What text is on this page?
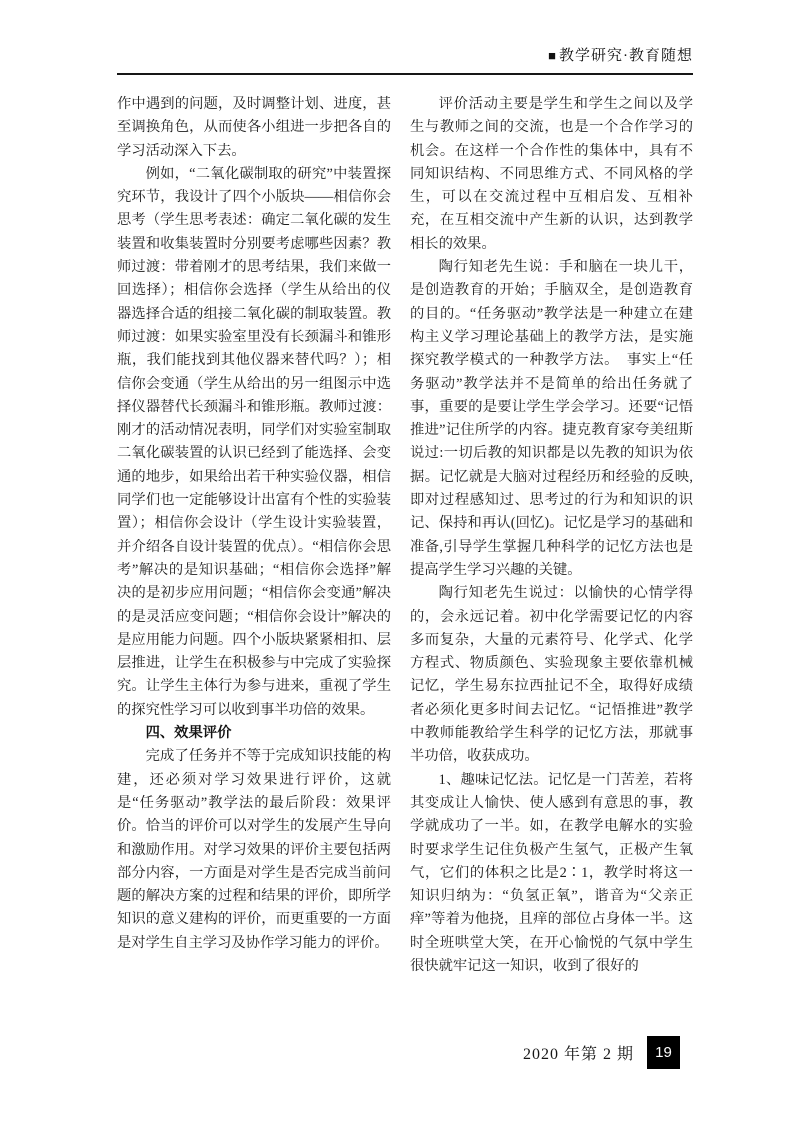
■ 教学研究·教育随想

作中遇到的问题，及时调整计划、进度，甚至调换角色，从而使各小组进一步把各自的学习活动深入下去。

例如，“二氧化碳制取的研究”中装置探究环节，我设计了四个小版块——相信你会思考（学生思考表述：确定二氧化碳的发生装置和收集装置时分别要考虑哪些因素？教师过渡：带着刚才的思考结果，我们来做一回选择）；相信你会选择（学生从给出的仪器选择合适的组接二氧化碳的制取装置。教师过渡：如果实验室里没有长颈漏斗和锥形瓶，我们能找到其他仪器来替代吗？）；相信你会变通（学生从给出的另一组图示中选择仪器替代长颈漏斗和锥形瓶。教师过渡：刚才的活动情况表明，同学们对实验室制取二氧化碳装置的认识已经到了能选择、会变通的地步，如果给出若干种实验仪器，相信同学们也一定能够设计出富有个性的实验装置）；相信你会设计（学生设计实验装置，并介绍各自设计装置的优点）。“相信你会思考”解决的是知识基础；“相信你会选择”解决的是初步应用问题；“相信你会变通”解决的是灵活应变问题；“相信你会设计”解决的是应用能力问题。四个小版块紧紧相扣、层层推进，让学生在积极参与中完成了实验探究。让学生主体行为参与进来，重视了学生的探究性学习可以收到事半功倍的效果。

四、效果评价

完成了任务并不等于完成知识技能的构建，还必须对学习效果进行评价，这就是“任务驱动”教学法的最后阶段：效果评价。恰当的评价可以对学生的发展产生导向和激励作用。对学习效果的评价主要包括两部分内容，一方面是对学生是否完成当前问题的解决方案的过程和结果的评价，即所学知识的意义建构的评价，而更重要的一方面是对学生自主学习及协作学习能力的评价。

评价活动主要是学生和学生之间以及学生与教师之间的交流，也是一个合作学习的机会。在这样一个合作性的集体中，具有不同知识结构、不同思维方式、不同风格的学生，可以在交流过程中互相启发、互相补充，在互相交流中产生新的认识，达到教学相长的效果。

陶行知老先生说：手和脑在一块儿干，是创造教育的开始；手脑双全，是创造教育的目的。“任务驱动”教学法是一种建立在建构主义学习理论基础上的教学方法，是实施探究教学模式的一种教学方法。　事实上“任务驱动”教学法并不是简单的给出任务就了事，重要的是要让学生学会学习。还要“记悟推进”记住所学的内容。捷克教育家夸美纽斯说过:一切后教的知识都是以先教的知识为依据。记忆就是大脑对过程经历和经验的反映,即对过程感知过、思考过的行为和知识的识记、保持和再认(回忆)。记忆是学习的基础和准备,引导学生掌握几种科学的记忆方法也是提高学生学习兴趣的关键。

陶行知老先生说过：以愉快的心情学得的，会永远记着。初中化学需要记忆的内容多而复杂，大量的元素符号、化学式、化学方程式、物质颜色、实验现象主要依靠机械记忆，学生易东拉西扯记不全，取得好成绩者必须化更多时间去记忆。“记悟推进”教学中教师能教给学生科学的记忆方法，那就事半功倍，收获成功。

1、趣味记忆法。记忆是一门苦差，若将其变成让人愉快、使人感到有意思的事，教学就成功了一半。如，在教学电解水的实验时要求学生记住负极产生氢气，正极产生氧气，它们的体积之比是2∶1，教学时将这一知识归纳为：“负氢正氧”，谐音为“父亲正痒”等着为他挠，且痒的部位占身体一半。这时全班哄堂大笑，在开心愉悦的气氛中学生很快就牢记这一知识，收到了很好的

2020 年第 2 期	19
